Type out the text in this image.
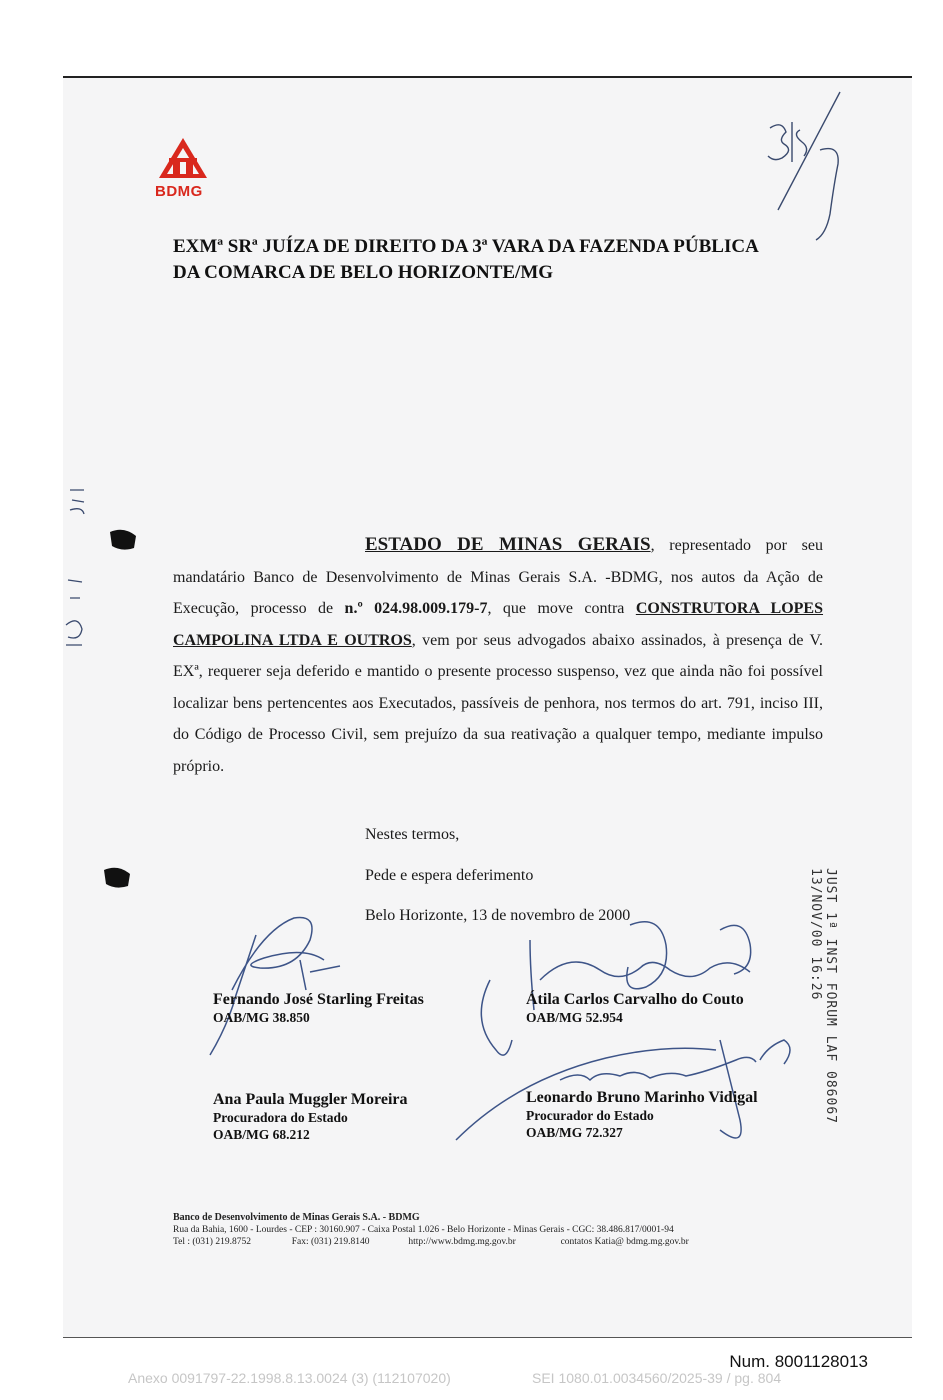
BDMG
EXMª SRª JUÍZA DE DIREITO DA 3ª VARA DA FAZENDA PÚBLICA
DA COMARCA DE BELO HORIZONTE/MG
ESTADO DE MINAS GERAIS, representado por seu mandatário Banco de Desenvolvimento de Minas Gerais S.A. -BDMG, nos autos da Ação de Execução, processo de n.º 024.98.009.179-7, que move contra CONSTRUTORA LOPES CAMPOLINA LTDA E OUTROS, vem por seus advogados abaixo assinados, à presença de V. EXª, requerer seja deferido e mantido o presente processo suspenso, vez que ainda não foi possível localizar bens pertencentes aos Executados, passíveis de penhora, nos termos do art. 791, inciso III, do Código de Processo Civil, sem prejuízo da sua reativação a qualquer tempo, mediante impulso próprio.
Nestes termos,
Pede e espera deferimento
Belo Horizonte, 13 de novembro de 2000
Fernando José Starling Freitas
OAB/MG 38.850
Átila Carlos Carvalho do Couto
OAB/MG 52.954
Ana Paula Muggler Moreira
Procuradora do Estado
OAB/MG 68.212
Leonardo Bruno Marinho Vidigal
Procurador do Estado
OAB/MG 72.327
JUST 1ª INST FORUM LAF 086067 13/NOV/00 16:26
Banco de Desenvolvimento de Minas Gerais S.A. - BDMG
Rua da Bahia, 1600 - Lourdes - CEP : 30160.907 - Caixa Postal 1.026 - Belo Horizonte - Minas Gerais - CGC: 38.486.817/0001-94
Tel : (031) 219.8752	Fax: (031) 219.8140	http://www.bdmg.mg.gov.br	contatos Katia@ bdmg.mg.gov.br
Num. 8001128013
Anexo 0091797-22.1998.8.13.0024 (3) (112107020)	SEI 1080.01.0034560/2025-39 / pg. 804
